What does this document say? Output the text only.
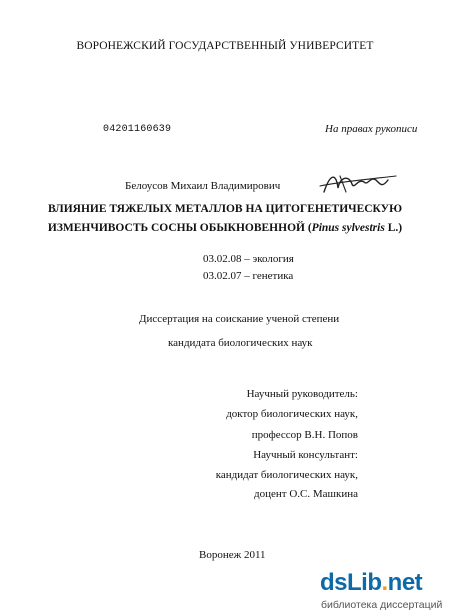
ВОРОНЕЖСКИЙ ГОСУДАРСТВЕННЫЙ УНИВЕРСИТЕТ
04201160639	На правах рукописи
Белоусов Михаил Владимирович
ВЛИЯНИЕ ТЯЖЕЛЫХ МЕТАЛЛОВ НА ЦИТОГЕНЕТИЧЕСКУЮ
ИЗМЕНЧИВОСТЬ СОСНЫ ОБЫКНОВЕННОЙ (Pinus sylvestris L.)
03.02.08 – экология
03.02.07 – генетика
Диссертация на соискание ученой степени
кандидата биологических наук
Научный руководитель:
доктор биологических наук,
профессор В.Н. Попов
Научный консультант:
кандидат биологических наук,
доцент О.С. Машкина
Воронеж 2011
dsLib.net
библиотека диссертаций
